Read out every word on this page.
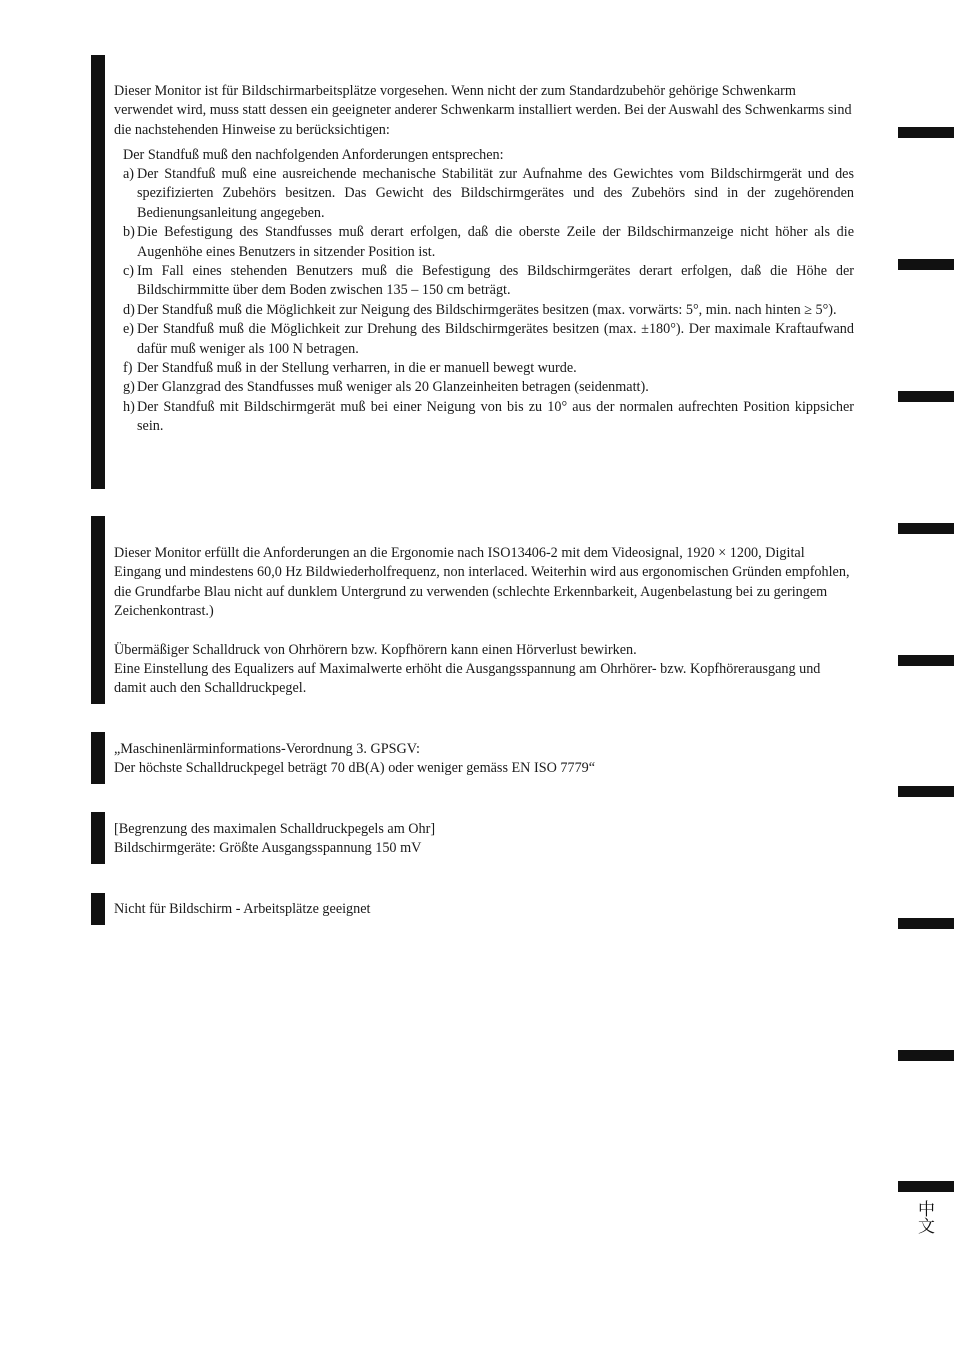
中文

Dieser Monitor ist für Bildschirmarbeitsplätze vorgesehen. Wenn nicht der zum Standardzubehör gehörige Schwenkarm verwendet wird, muss statt dessen ein geeigneter anderer Schwenkarm installiert werden. Bei der Auswahl des Schwenkarms sind die nachstehenden Hinweise zu berücksichtigen:

Der Standfuß muß den nachfolgenden Anforderungen entsprechen:
a) Der Standfuß muß eine ausreichende mechanische Stabilität zur Aufnahme des Gewichtes vom Bildschirmgerät und des spezifizierten Zubehörs besitzen. Das Gewicht des Bildschirmgerätes und des Zubehörs sind in der zugehörenden Bedienungsanleitung angegeben.
b) Die Befestigung des Standfusses muß derart erfolgen, daß die oberste Zeile der Bildschirmanzeige nicht höher als die Augenhöhe eines Benutzers in sitzender Position ist.
c) Im Fall eines stehenden Benutzers muß die Befestigung des Bildschirmgerätes derart erfolgen, daß die Höhe der Bildschirmmitte über dem Boden zwischen 135 – 150 cm beträgt.
d) Der Standfuß muß die Möglichkeit zur Neigung des Bildschirmgerätes besitzen (max. vorwärts: 5°, min. nach hinten ≥ 5°).
e) Der Standfuß muß die Möglichkeit zur Drehung des Bildschirmgerätes besitzen (max. ±180°). Der maximale Kraftaufwand dafür muß weniger als 100 N betragen.
f) Der Standfuß muß in der Stellung verharren, in die er manuell bewegt wurde.
g) Der Glanzgrad des Standfusses muß weniger als 20 Glanzeinheiten betragen (seidenmatt).
h) Der Standfuß mit Bildschirmgerät muß bei einer Neigung von bis zu 10° aus der normalen aufrechten Position kippsicher sein.

Dieser Monitor erfüllt die Anforderungen an die Ergonomie nach ISO13406-2 mit dem Videosignal, 1920 × 1200, Digital Eingang und mindestens 60,0 Hz Bildwiederholfrequenz, non interlaced. Weiterhin wird aus ergonomischen Gründen empfohlen, die Grundfarbe Blau nicht auf dunklem Untergrund zu verwenden (schlechte Erkennbarkeit, Augenbelastung bei zu geringem Zeichenkontrast.)

Übermäßiger Schalldruck von Ohrhörern bzw. Kopfhörern kann einen Hörverlust bewirken.

Eine Einstellung des Equalizers auf Maximalwerte erhöht die Ausgangsspannung am Ohrhörer- bzw. Kopfhörerausgang und damit auch den Schalldruckpegel.

„Maschinenlärminformations-Verordnung 3. GPSGV:

Der höchste Schalldruckpegel beträgt 70 dB(A) oder weniger gemäss EN ISO 7779“

[Begrenzung des maximalen Schalldruckpegels am Ohr]

Bildschirmgeräte: Größte Ausgangsspannung 150 mV

Nicht für Bildschirm - Arbeitsplätze geeignet
